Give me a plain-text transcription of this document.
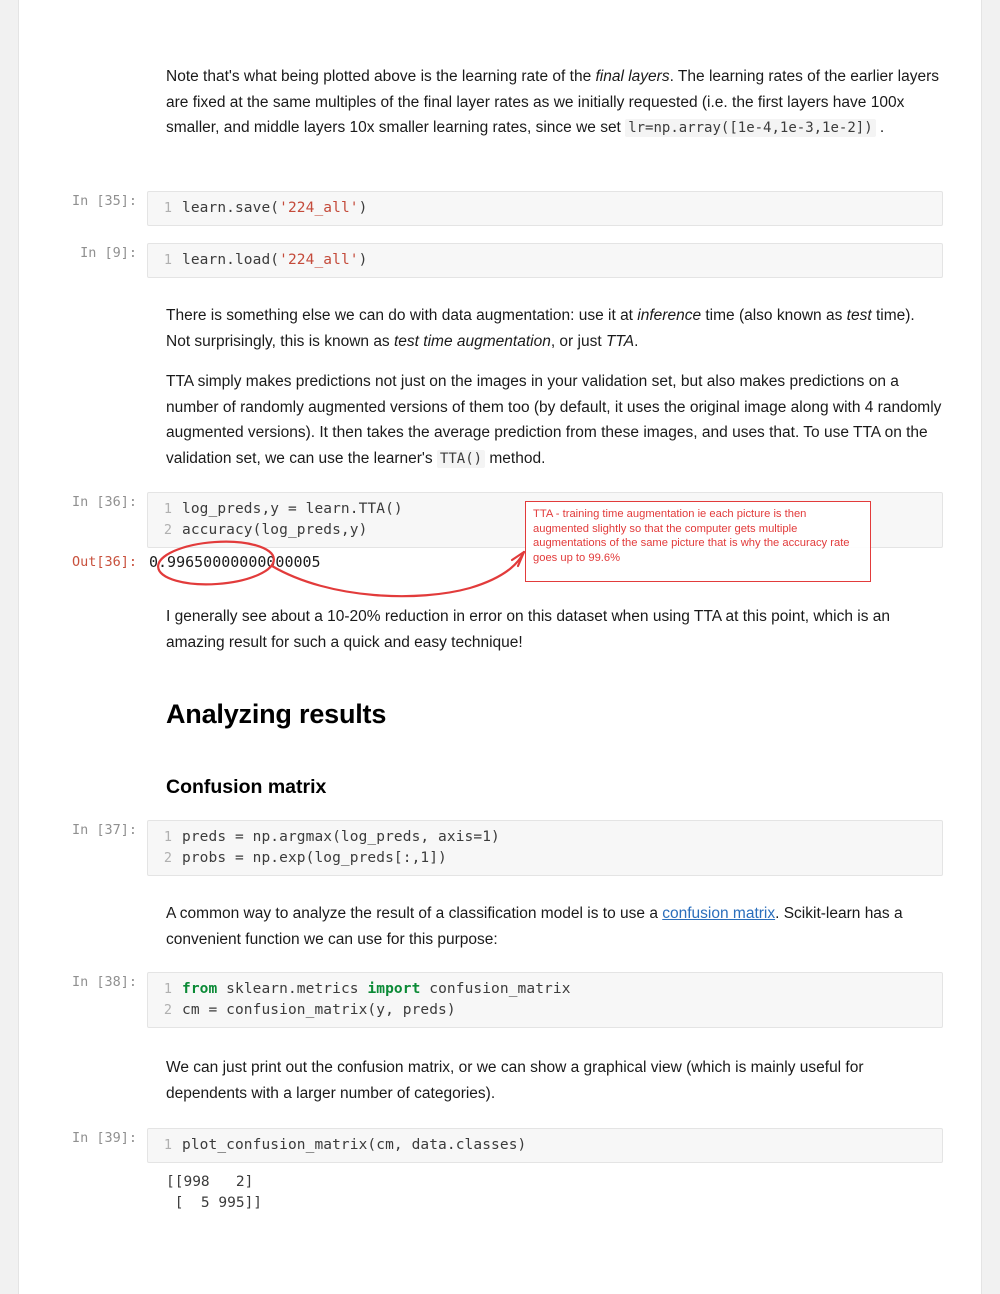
Note that's what being plotted above is the learning rate of the final layers. The learning rates of the earlier layers are fixed at the same multiples of the final layer rates as we initially requested (i.e. the first layers have 100x smaller, and middle layers 10x smaller learning rates, since we set lr=np.array([1e-4,1e-3,1e-2]) .

In [35]:	1 learn.save('224_all')
In [9]:	1 learn.load('224_all')

There is something else we can do with data augmentation: use it at inference time (also known as test time). Not surprisingly, this is known as test time augmentation, or just TTA.

TTA simply makes predictions not just on the images in your validation set, but also makes predictions on a number of randomly augmented versions of them too (by default, it uses the original image along with 4 randomly augmented versions). It then takes the average prediction from these images, and uses that. To use TTA on the validation set, we can use the learner's TTA() method.

In [36]:	1
2
log_preds,y = learn.TTA()
accuracy(log_preds,y)
Out[36]: 0.99650000000000005

I generally see about a 10-20% reduction in error on this dataset when using TTA at this point, which is an amazing result for such a quick and easy technique!

Analyzing results
Confusion matrix
In [37]:	1
2
preds = np.argmax(log_preds, axis=1)
probs = np.exp(log_preds[:,1])

A common way to analyze the result of a classification model is to use a confusion matrix. Scikit-learn has a convenient function we can use for this purpose:

In [38]:	1
2
from sklearn.metrics import confusion_matrix
cm = confusion_matrix(y, preds)

We can just print out the confusion matrix, or we can show a graphical view (which is mainly useful for dependents with a larger number of categories).

In [39]:	1 plot_confusion_matrix(cm, data.classes)
[[998   2]
[  5 995]]
TTA - training time augmentation ie each picture is then augmented slightly so that the computer gets multiple augmentations of the same picture that is why the accuracy rate goes up to 99.6%
